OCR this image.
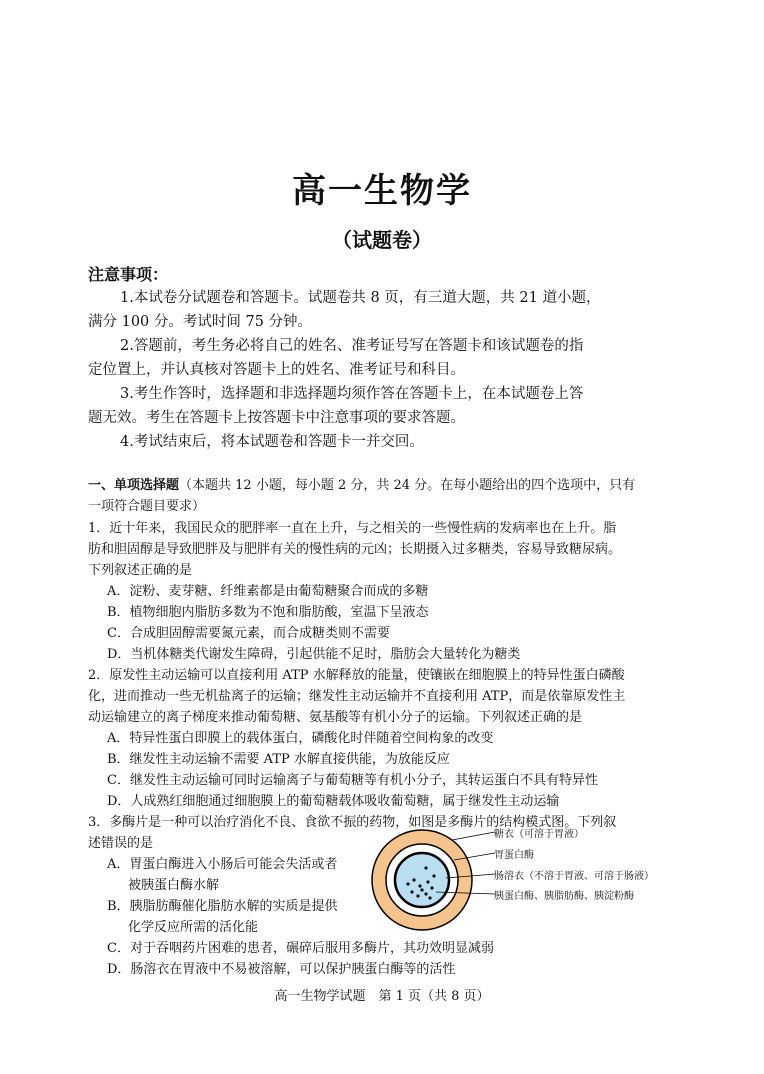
高一生物学
（试题卷）
注意事项：
1.本试卷分试题卷和答题卡。试题卷共 8 页，有三道大题，共 21 道小题，
满分 100 分。考试时间 75 分钟。
2.答题前，考生务必将自己的姓名、准考证号写在答题卡和该试题卷的指
定位置上，并认真核对答题卡上的姓名、准考证号和科目。
3.考生作答时，选择题和非选择题均须作答在答题卡上，在本试题卷上答
题无效。考生在答题卡上按答题卡中注意事项的要求答题。
4.考试结束后，将本试题卷和答题卡一并交回。
一、单项选择题（本题共 12 小题，每小题 2 分，共 24 分。在每小题给出的四个选项中，只有
一项符合题目要求）
1．近十年来，我国民众的肥胖率一直在上升，与之相关的一些慢性病的发病率也在上升。脂
肪和胆固醇是导致肥胖及与肥胖有关的慢性病的元凶；长期摄入过多糖类，容易导致糖尿病。
下列叙述正确的是
A．淀粉、麦芽糖、纤维素都是由葡萄糖聚合而成的多糖
B．植物细胞内脂肪多数为不饱和脂肪酸，室温下呈液态
C．合成胆固醇需要氮元素，而合成糖类则不需要
D．当机体糖类代谢发生障碍，引起供能不足时，脂肪会大量转化为糖类
2．原发性主动运输可以直接利用 ATP 水解释放的能量，使镶嵌在细胞膜上的特异性蛋白磷酸
化，进而推动一些无机盐离子的运输；继发性主动运输并不直接利用 ATP，而是依靠原发性主
动运输建立的离子梯度来推动葡萄糖、氨基酸等有机小分子的运输。下列叙述正确的是
A．特异性蛋白即膜上的载体蛋白，磷酸化时伴随着空间构象的改变
B．继发性主动运输不需要 ATP 水解直接供能，为放能反应
C．继发性主动运输可同时运输离子与葡萄糖等有机小分子，其转运蛋白不具有特异性
D．人成熟红细胞通过细胞膜上的葡萄糖载体吸收葡萄糖，属于继发性主动运输
3．多酶片是一种可以治疗消化不良、食欲不振的药物，如图是多酶片的结构模式图。下列叙
述错误的是
A．胃蛋白酶进入小肠后可能会失活或者
被胰蛋白酶水解
B．胰脂肪酶催化脂肪水解的实质是提供
化学反应所需的活化能
C．对于吞咽药片困难的患者，碾碎后服用多酶片，其功效明显减弱
D．肠溶衣在胃液中不易被溶解，可以保护胰蛋白酶等的活性
糖衣（可溶于胃液）
胃蛋白酶
肠溶衣（不溶于胃液、可溶于肠液）
胰蛋白酶、胰脂肪酶、胰淀粉酶
高一生物学试题　第 1 页（共 8 页）
